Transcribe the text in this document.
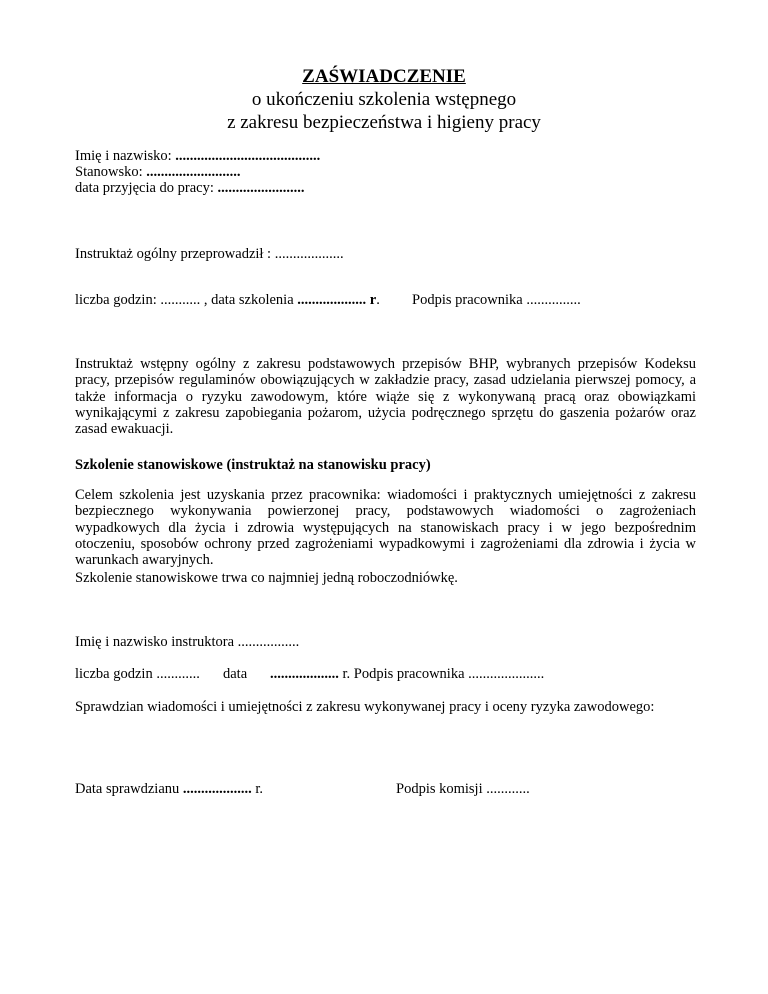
ZAŚWIADCZENIE
o ukończeniu szkolenia wstępnego
z zakresu bezpieczeństwa i higieny pracy
Imię i nazwisko: ........................................
Stanowsko: ..........................
data przyjęcia do pracy: ........................
Instruktaż ogólny przeprowadził : ...................
liczba godzin: ........... , data szkolenia ................... r. Podpis pracownika ...............
Instruktaż wstępny ogólny z zakresu podstawowych przepisów BHP, wybranych przepisów Kodeksu pracy, przepisów regulaminów obowiązujących w zakładzie pracy, zasad udzielania pierwszej pomocy, a także informacja o ryzyku zawodowym, które wiąże się z wykonywaną pracą oraz obowiązkami wynikającymi z zakresu zapobiegania pożarom, użycia podręcznego sprzętu do gaszenia pożarów oraz zasad ewakuacji.
Szkolenie stanowiskowe (instruktaż na stanowisku pracy)
Celem szkolenia jest uzyskania przez pracownika: wiadomości i praktycznych umiejętności z zakresu bezpiecznego wykonywania powierzonej pracy, podstawowych wiadomości o zagrożeniach wypadkowych dla życia i zdrowia występujących na stanowiskach pracy i w jego bezpośrednim otoczeniu, sposobów ochrony przed zagrożeniami wypadkowymi i zagrożeniami dla zdrowia i życia w warunkach awaryjnych.
Szkolenie stanowiskowe trwa co najmniej jedną roboczodniówkę.
Imię i nazwisko instruktora .................
liczba godzin ............ data ................... r. Podpis pracownika .....................
Sprawdzian wiadomości i umiejętności z zakresu wykonywanej pracy i oceny ryzyka zawodowego:
Data sprawdzianu ................... r.	Podpis komisji ............
